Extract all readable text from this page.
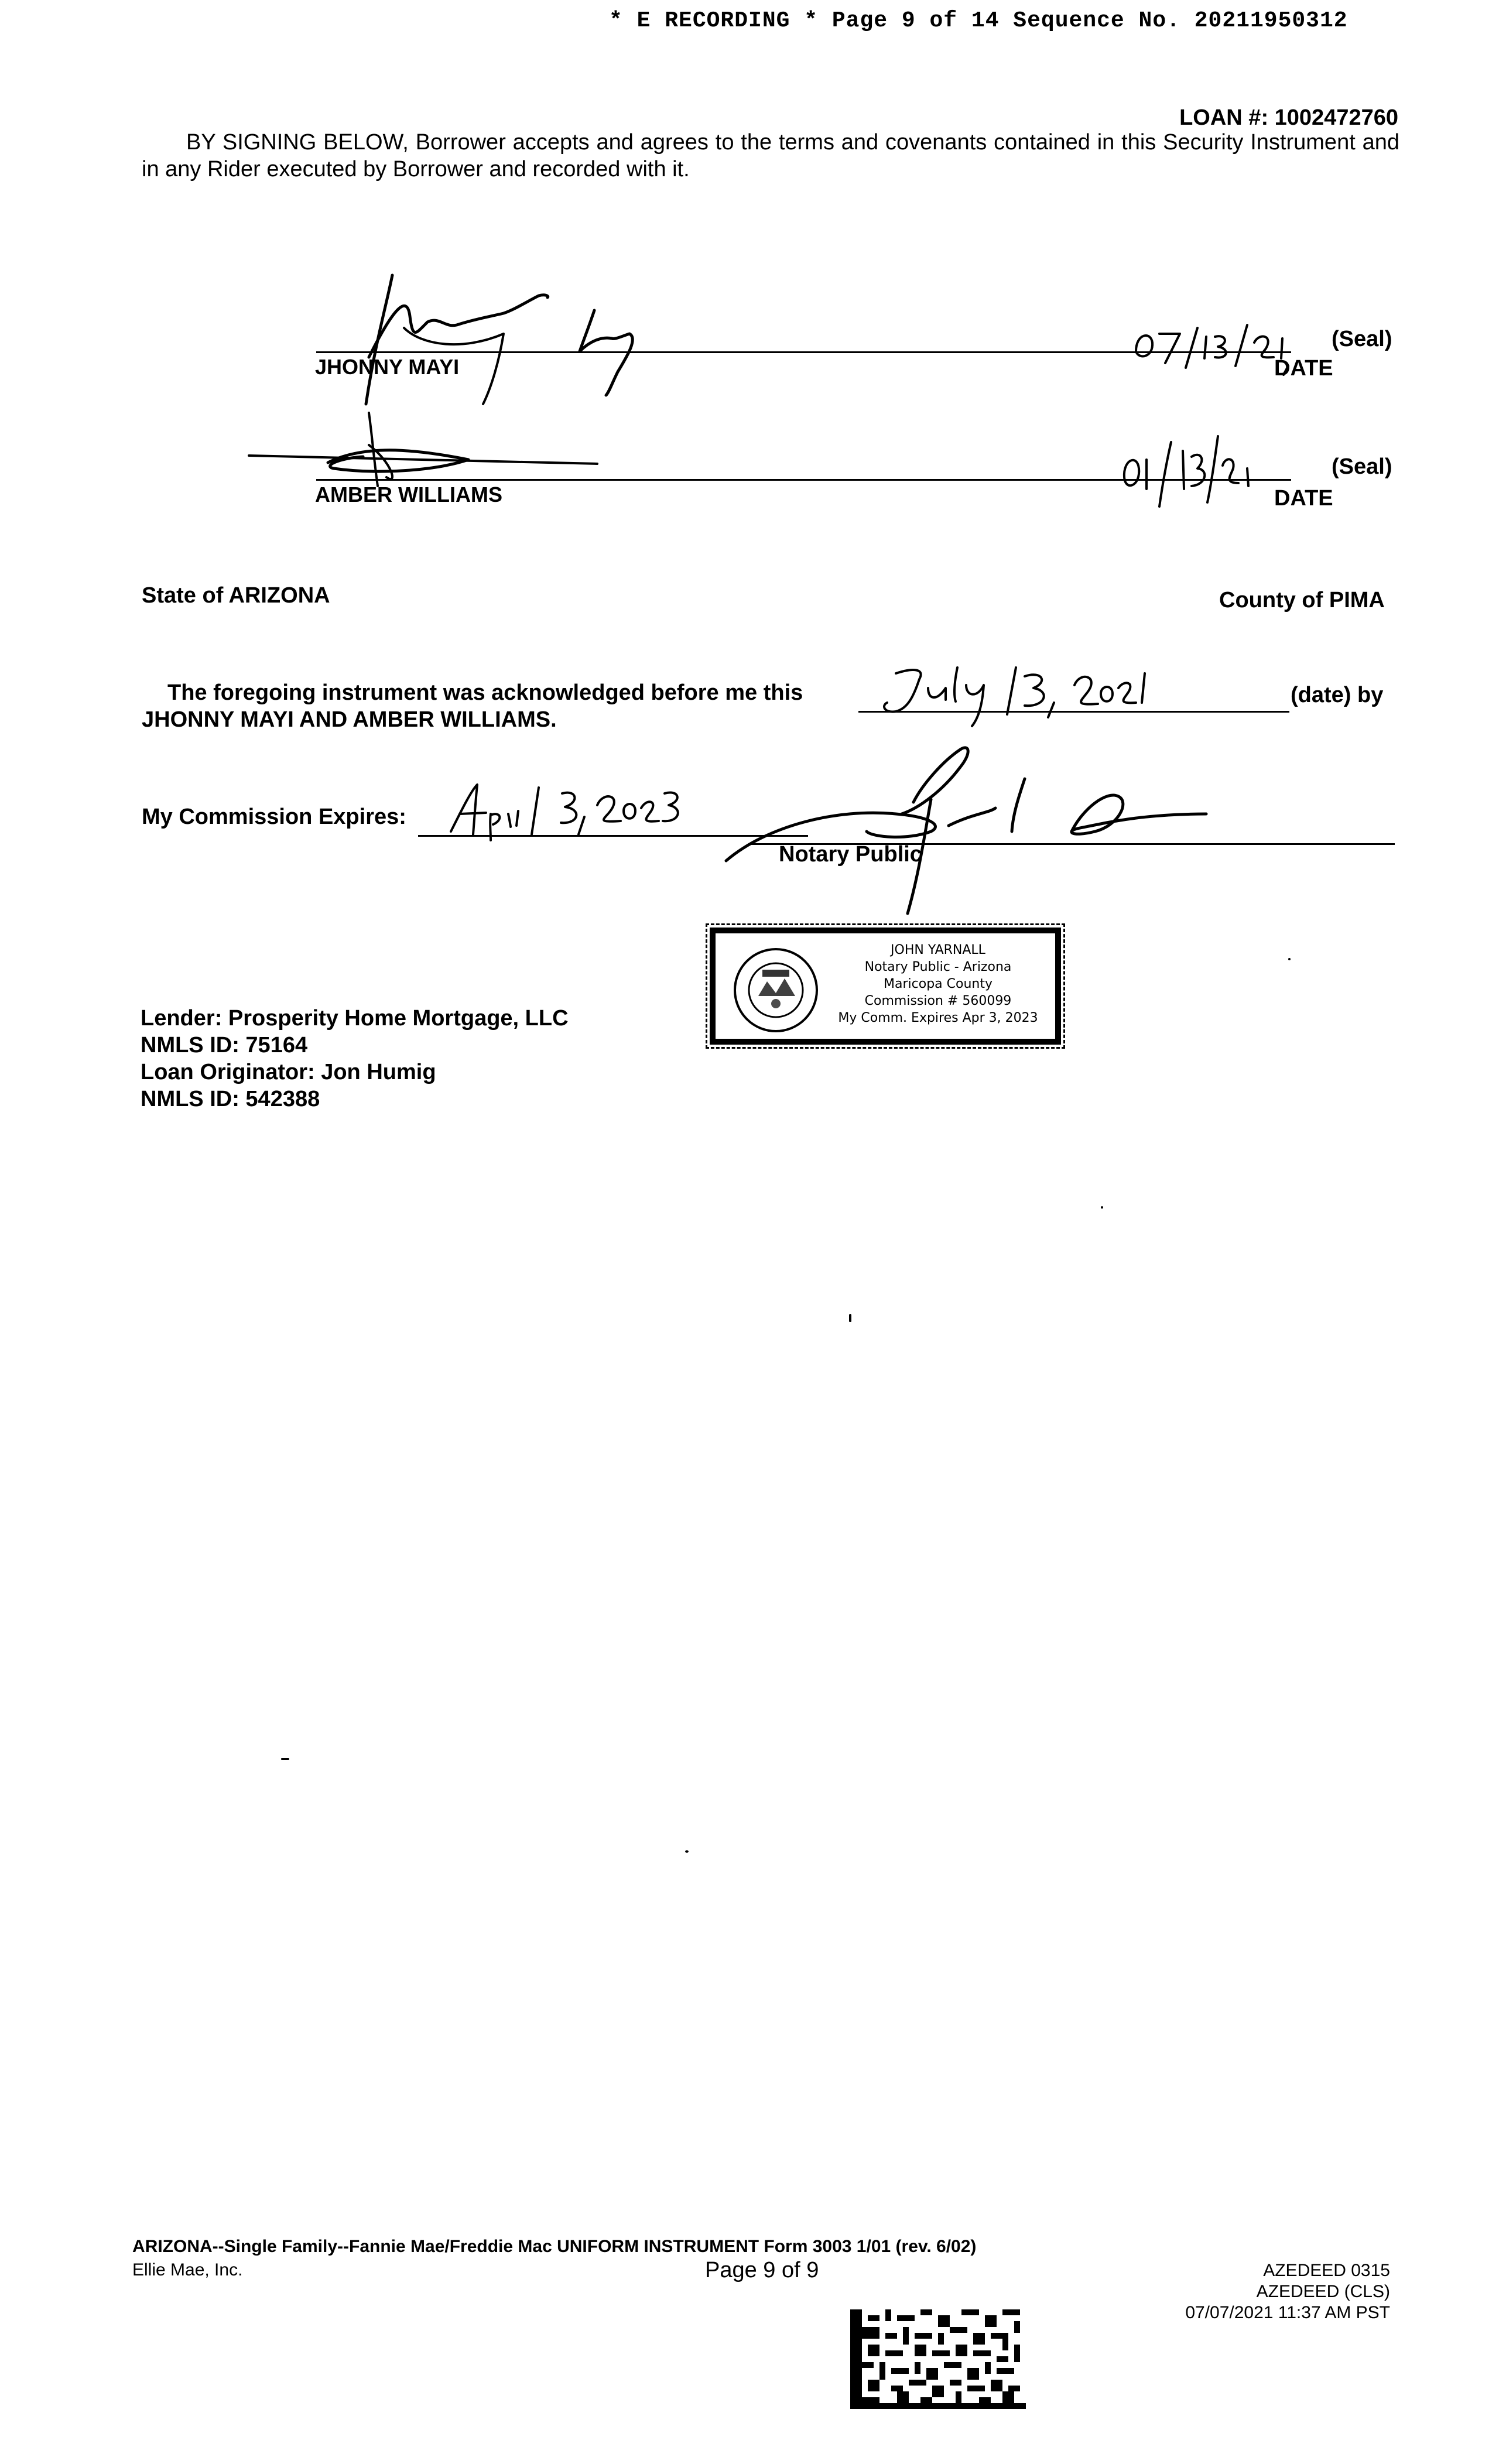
* E RECORDING * Page 9 of 14 Sequence No. 20211950312
LOAN #: 1002472760
BY SIGNING BELOW, Borrower accepts and agrees to the terms and covenants contained in this Security Instrument and in any Rider executed by Borrower and recorded with it.
JHONNY MAYI
(Seal)
DATE
AMBER WILLIAMS
(Seal)
DATE
State of ARIZONA	County of PIMA
The foregoing instrument was acknowledged before me this	(date) by
JHONNY MAYI AND AMBER WILLIAMS.
My Commission Expires:
Notary Public
JOHN YARNALL
Notary Public - Arizona
Maricopa County
Commission # 560099
My Comm. Expires Apr 3, 2023
Lender: Prosperity Home Mortgage, LLC
NMLS ID: 75164
Loan Originator: Jon Humig
NMLS ID: 542388
ARIZONA--Single Family--Fannie Mae/Freddie Mac UNIFORM INSTRUMENT Form 3003 1/01 (rev. 6/02)
Ellie Mae, Inc.	Page 9 of 9	AZEDEED 0315
AZEDEED (CLS)
07/07/2021 11:37 AM PST
